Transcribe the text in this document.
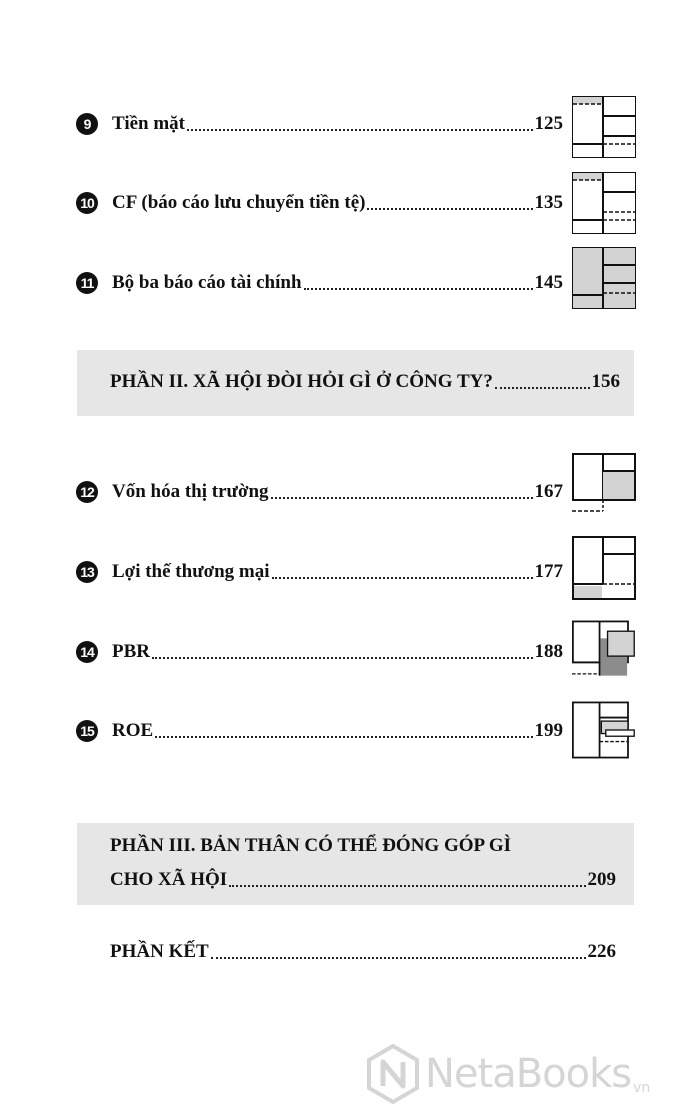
9	Tiền mặt	125
10 CF (báo cáo lưu chuyển tiền tệ)	135
11 Bộ ba báo cáo tài chính	145
PHẦN II. XÃ HỘI ĐÒI HỎI GÌ Ở CÔNG TY?	156
12 Vốn hóa thị trường	167
13 Lợi thế thương mại	177
14 PBR	188
15 ROE	199
PHẦN III. BẢN THÂN CÓ THỂ ĐÓNG GÓP GÌ
CHO XÃ HỘI	209
PHẦN KẾT	226
NetaBooks vn
